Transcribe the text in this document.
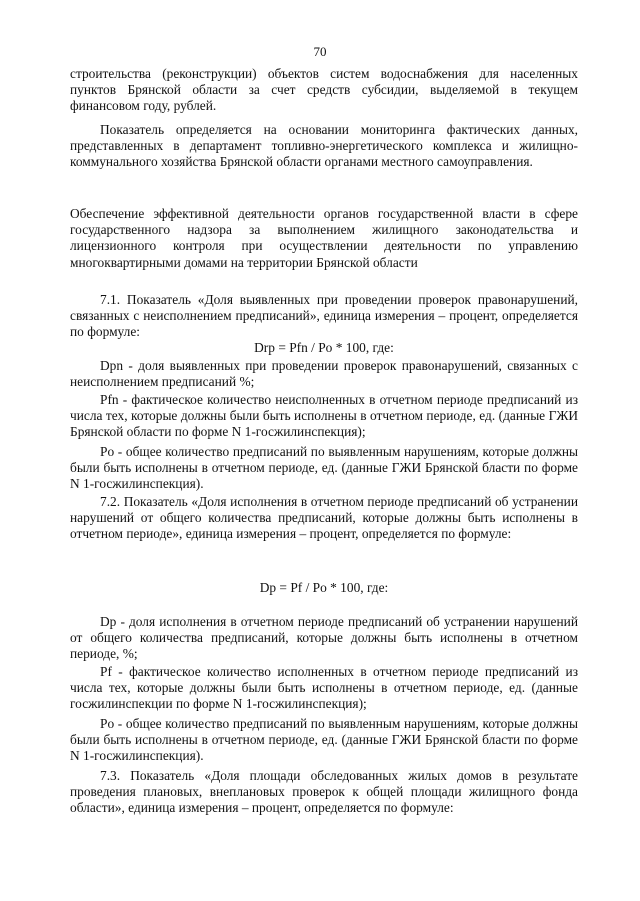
70

строительства (реконструкции) объектов систем водоснабжения для населенных пунктов Брянской области за счет средств субсидии, выделяемой в текущем финансовом году, рублей.

Показатель определяется на основании мониторинга фактических данных, представленных в департамент топливно-энергетического комплекса и жилищно-коммунального хозяйства Брянской области органами местного самоуправления.

Обеспечение эффективной деятельности органов государственной власти в сфере государственного надзора за выполнением жилищного законодательства и лицензионного контроля при осуществлении деятельности по управлению многоквартирными домами на территории Брянской области

7.1. Показатель «Доля выявленных при проведении проверок правонарушений, связанных с неисполнением предписаний», единица измерения – процент, определяется по формуле:

Drp = Pfn / Po * 100, где:

Dpn - доля выявленных при проведении проверок правонарушений, связанных с неисполнением предписаний %;

Pfn - фактическое количество неисполненных в отчетном периоде предписаний из числа тех, которые должны были быть исполнены в отчетном периоде, ед. (данные ГЖИ Брянской области по форме N 1-госжилинспекция);

Po - общее количество предписаний по выявленным нарушениям, которые должны были быть исполнены в отчетном периоде, ед. (данные ГЖИ Брянской бласти по форме N 1-госжилинспекция).

7.2. Показатель «Доля исполнения в отчетном периоде предписаний об устранении нарушений от общего количества предписаний, которые должны быть исполнены в отчетном периоде», единица измерения – процент, определяется по формуле:

Dp = Pf / Po * 100, где:

Dp - доля исполнения в отчетном периоде предписаний об устранении нарушений от общего количества предписаний, которые должны быть исполнены в отчетном периоде, %;

Pf - фактическое количество исполненных в отчетном периоде предписаний из числа тех, которые должны были быть исполнены в отчетном периоде, ед. (данные госжилинспекции по форме N 1-госжилинспекция);

Po - общее количество предписаний по выявленным нарушениям, которые должны были быть исполнены в отчетном периоде, ед. (данные ГЖИ Брянской бласти по форме N 1-госжилинспекция).

7.3. Показатель «Доля площади обследованных жилых домов в результате проведения плановых, внеплановых проверок к общей площади жилищного фонда области», единица измерения – процент, определяется по формуле:
